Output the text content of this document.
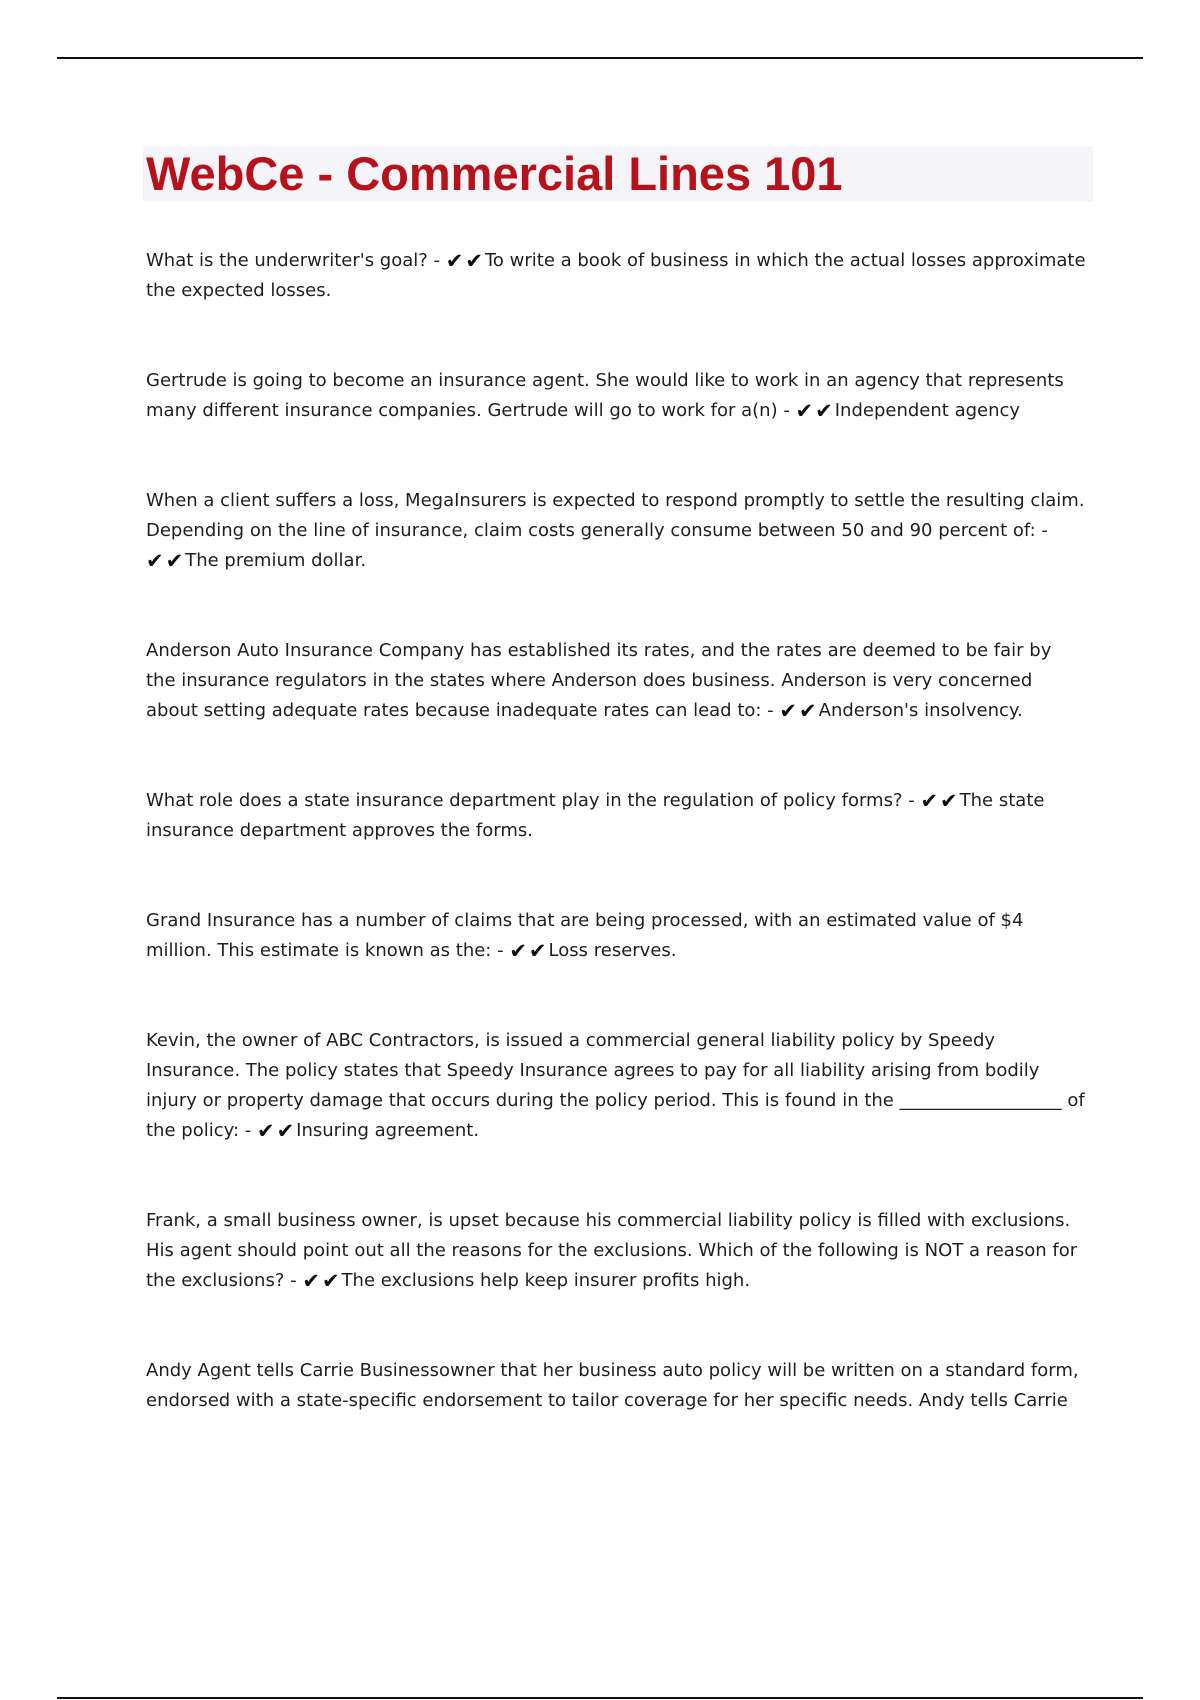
WebCe - Commercial Lines 101
What is the underwriter's goal? - ✔✔To write a book of business in which the actual losses approximate the expected losses.
Gertrude is going to become an insurance agent. She would like to work in an agency that represents many different insurance companies. Gertrude will go to work for a(n) - ✔✔Independent agency
When a client suffers a loss, MegaInsurers is expected to respond promptly to settle the resulting claim. Depending on the line of insurance, claim costs generally consume between 50 and 90 percent of: - ✔✔The premium dollar.
Anderson Auto Insurance Company has established its rates, and the rates are deemed to be fair by the insurance regulators in the states where Anderson does business. Anderson is very concerned about setting adequate rates because inadequate rates can lead to: - ✔✔Anderson's insolvency.
What role does a state insurance department play in the regulation of policy forms? - ✔✔The state insurance department approves the forms.
Grand Insurance has a number of claims that are being processed, with an estimated value of $4 million. This estimate is known as the: - ✔✔Loss reserves.
Kevin, the owner of ABC Contractors, is issued a commercial general liability policy by Speedy Insurance. The policy states that Speedy Insurance agrees to pay for all liability arising from bodily injury or property damage that occurs during the policy period. This is found in the __________________ of the policy: - ✔✔Insuring agreement.
Frank, a small business owner, is upset because his commercial liability policy is filled with exclusions. His agent should point out all the reasons for the exclusions. Which of the following is NOT a reason for the exclusions? - ✔✔The exclusions help keep insurer profits high.
Andy Agent tells Carrie Businessowner that her business auto policy will be written on a standard form, endorsed with a state-specific endorsement to tailor coverage for her specific needs. Andy tells Carrie
